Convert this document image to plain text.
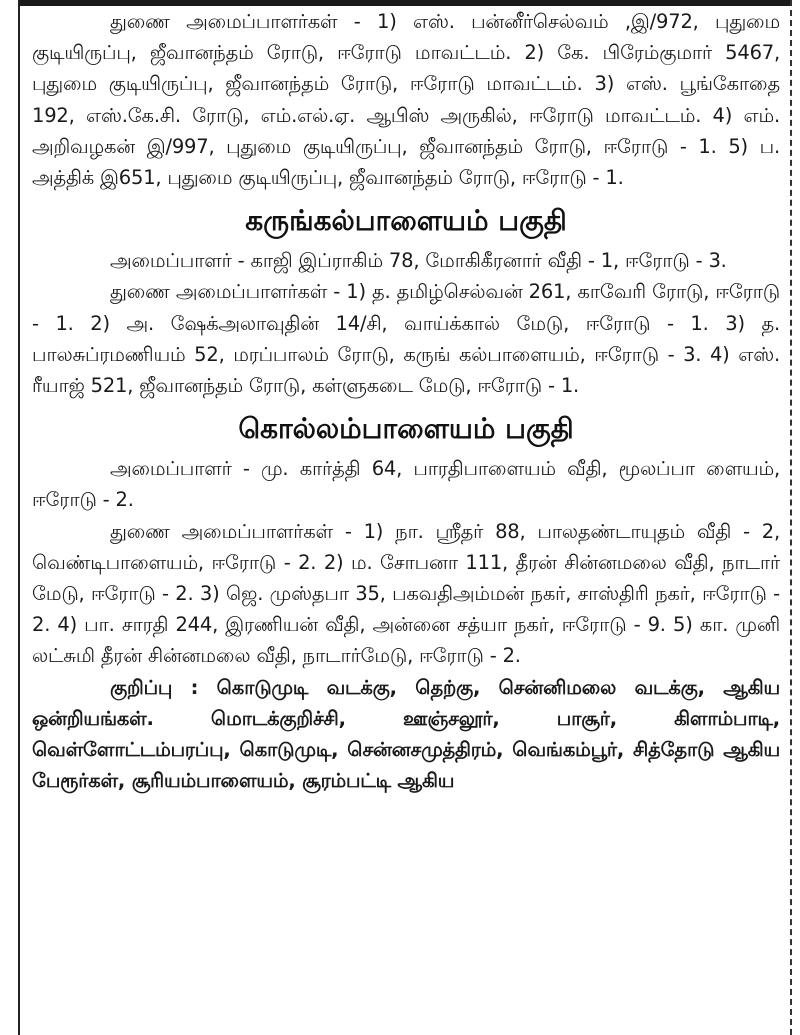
துணை அமைப்பாளர்கள் - 1) எஸ். பன்னீர்செல்வம் ,இ/972, புதுமை குடியிருப்பு, ஜீவானந்தம் ரோடு, ஈரோடு மாவட்டம். 2) கே. பிரேம்குமார் 5467, புதுமை குடியிருப்பு, ஜீவானந்தம் ரோடு, ஈரோடு மாவட்டம். 3) எஸ். பூங்கோதை 192, எஸ்.கே.சி. ரோடு, எம்.எல்.ஏ. ஆபிஸ் அருகில், ஈரோடு மாவட்டம். 4) எம். அறிவழகன் இ/997, புதுமை குடியிருப்பு, ஜீவானந்தம் ரோடு, ஈரோடு - 1. 5) ப. அத்திக் இ651, புதுமை குடியிருப்பு, ஜீவானந்தம் ரோடு, ஈரோடு - 1.

கருங்கல்பாளையம் பகுதி

அமைப்பாளர் - காஜி இப்ராகிம் 78, மோகிகீரனார் வீதி - 1, ஈரோடு - 3.

துணை அமைப்பாளர்கள் - 1) த. தமிழ்செல்வன் 261, காவேரி ரோடு, ஈரோடு - 1. 2) அ. ஷேக்அலாவுதின் 14/சி, வாய்க்கால் மேடு, ஈரோடு - 1. 3) த. பாலசுப்ரமணியம் 52, மரப்பாலம் ரோடு, கருங் கல்பாளையம், ஈரோடு - 3. 4) எஸ். ரீயாஜ் 521, ஜீவானந்தம் ரோடு, கள்ளுகடை மேடு, ஈரோடு - 1.

கொல்லம்பாளையம் பகுதி

அமைப்பாளர் - மு. கார்த்தி 64, பாரதிபாளையம் வீதி, மூலப்பா ளையம், ஈரோடு - 2.

துணை அமைப்பாளர்கள் - 1) நா. ஸ்ரீதர் 88, பாலதண்டாயுதம் வீதி - 2, வெண்டிபாளையம், ஈரோடு - 2. 2) ம. சோபனா 111, தீரன் சின்னமலை வீதி, நாடார் மேடு, ஈரோடு - 2. 3) ஜெ. முஸ்தபா 35, பகவதிஅம்மன் நகர், சாஸ்திரி நகர், ஈரோடு - 2. 4) பா. சாரதி 244, இரணியன் வீதி, அன்னை சத்யா நகர், ஈரோடு - 9. 5) கா. முனி லட்சுமி தீரன் சின்னமலை வீதி, நாடார்மேடு, ஈரோடு - 2.

குறிப்பு : கொடுமுடி வடக்கு, தெற்கு, சென்னிமலை வடக்கு, ஆகிய ஒன்றியங்கள். மொடக்குறிச்சி, ஊஞ்சலூர், பாசூர், கிளாம்பாடி, வெள்ளோட்டம்பரப்பு, கொடுமுடி, சென்னசமுத்திரம், வெங்கம்பூர், சித்தோடு ஆகிய பேரூர்கள், சூரியம்பாளையம், சூரம்பட்டி ஆகிய
